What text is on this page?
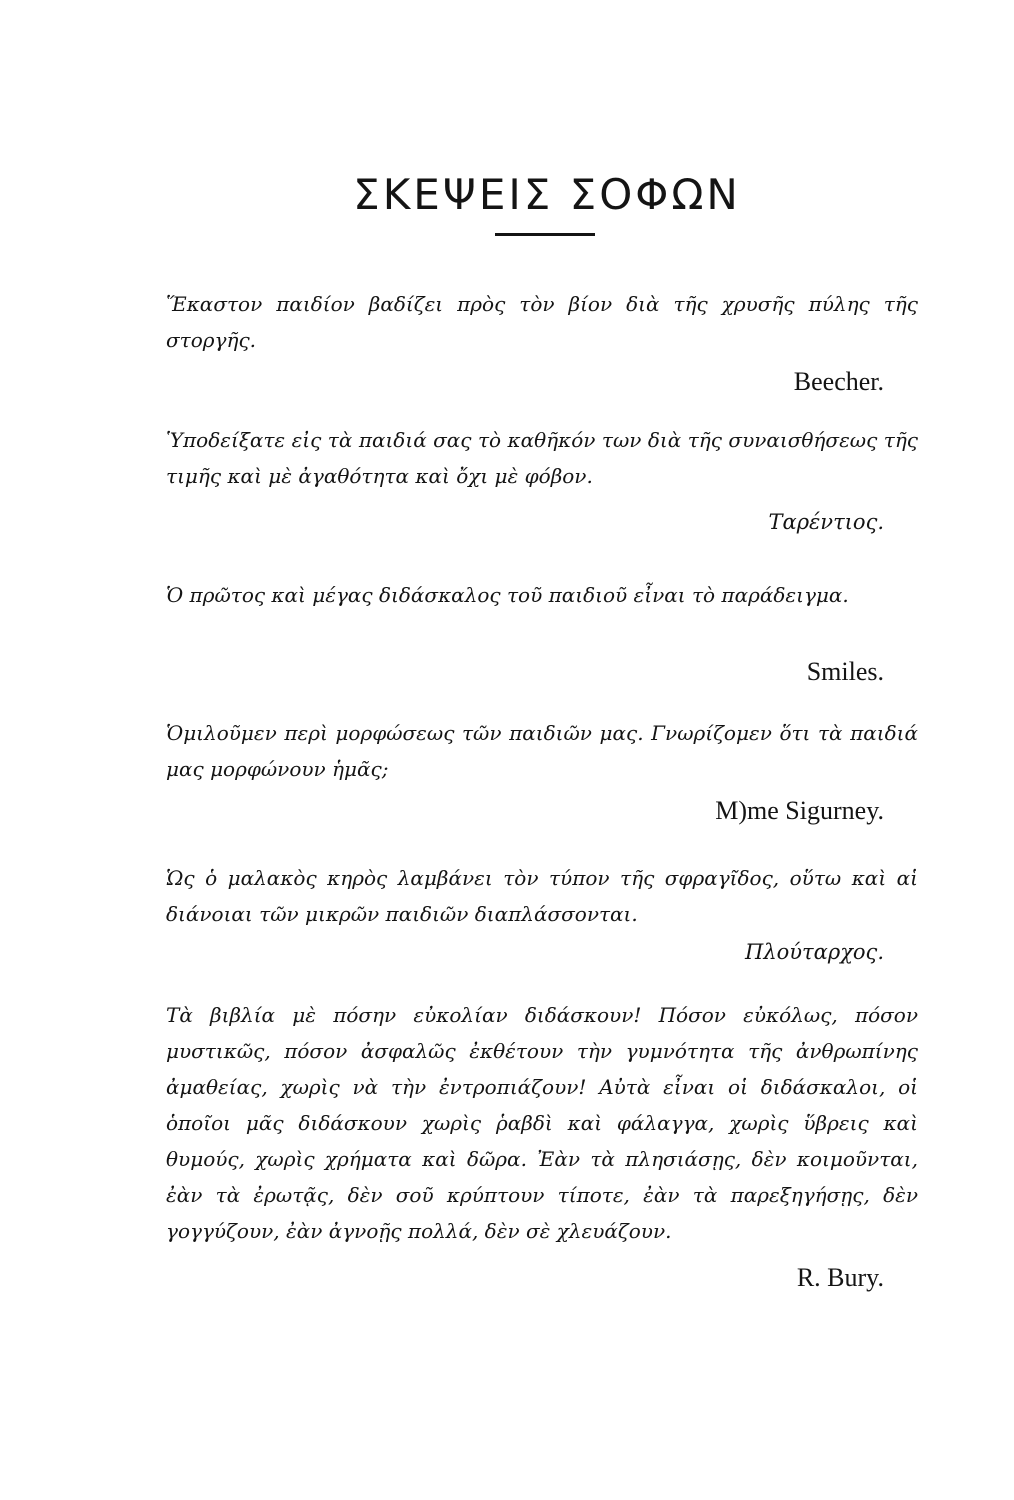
ΣΚΕΨΕΙΣ ΣΟΦΩΝ

Ἕκαστον παιδίον βαδίζει πρὸς τὸν βίον διὰ τῆς χρυσῆς πύλης τῆς στοργῆς.

Beecher.

Ὑποδείξατε εἰς τὰ παιδιά σας τὸ καθῆκόν των διὰ τῆς συναισθήσεως τῆς τιμῆς καὶ μὲ ἀγαθότητα καὶ ὄχι μὲ φόβον.

Ταρέντιος.

Ὁ πρῶτος καὶ μέγας διδάσκαλος τοῦ παιδιοῦ εἶναι τὸ παράδειγμα.

Smiles.

Ὁμιλοῦμεν περὶ μορφώσεως τῶν παιδιῶν μας. Γνωρίζομεν ὅτι τὰ παιδιά μας μορφώνουν ἡμᾶς;

M)me Sigurney.

Ὡς ὁ μαλακὸς κηρὸς λαμβάνει τὸν τύπον τῆς σφραγῖδος, οὕτω καὶ αἱ διάνοιαι τῶν μικρῶν παιδιῶν διαπλάσσονται.

Πλούταρχος.

Τὰ βιβλία μὲ πόσην εὐκολίαν διδάσκουν! Πόσον εὐκόλως, πόσον μυστικῶς, πόσον ἀσφαλῶς ἐκθέτουν τὴν γυμνότητα τῆς ἀνθρωπίνης ἀμαθείας, χωρὶς νὰ τὴν ἐντροπιάζουν! Αὐτὰ εἶναι οἱ διδάσκαλοι, οἱ ὁποῖοι μᾶς διδάσκουν χωρὶς ῥαβδὶ καὶ φάλαγγα, χωρὶς ὕβρεις καὶ θυμούς, χωρὶς χρήματα καὶ δῶρα. Ἐὰν τὰ πλησιάσῃς, δὲν κοιμοῦνται, ἐὰν τὰ ἐρωτᾷς, δὲν σοῦ κρύπτουν τίποτε, ἐὰν τὰ παρεξηγήσῃς, δὲν γογγύζουν, ἐὰν ἀγνοῇς πολλά, δὲν σὲ χλευάζουν.

R. Bury.
